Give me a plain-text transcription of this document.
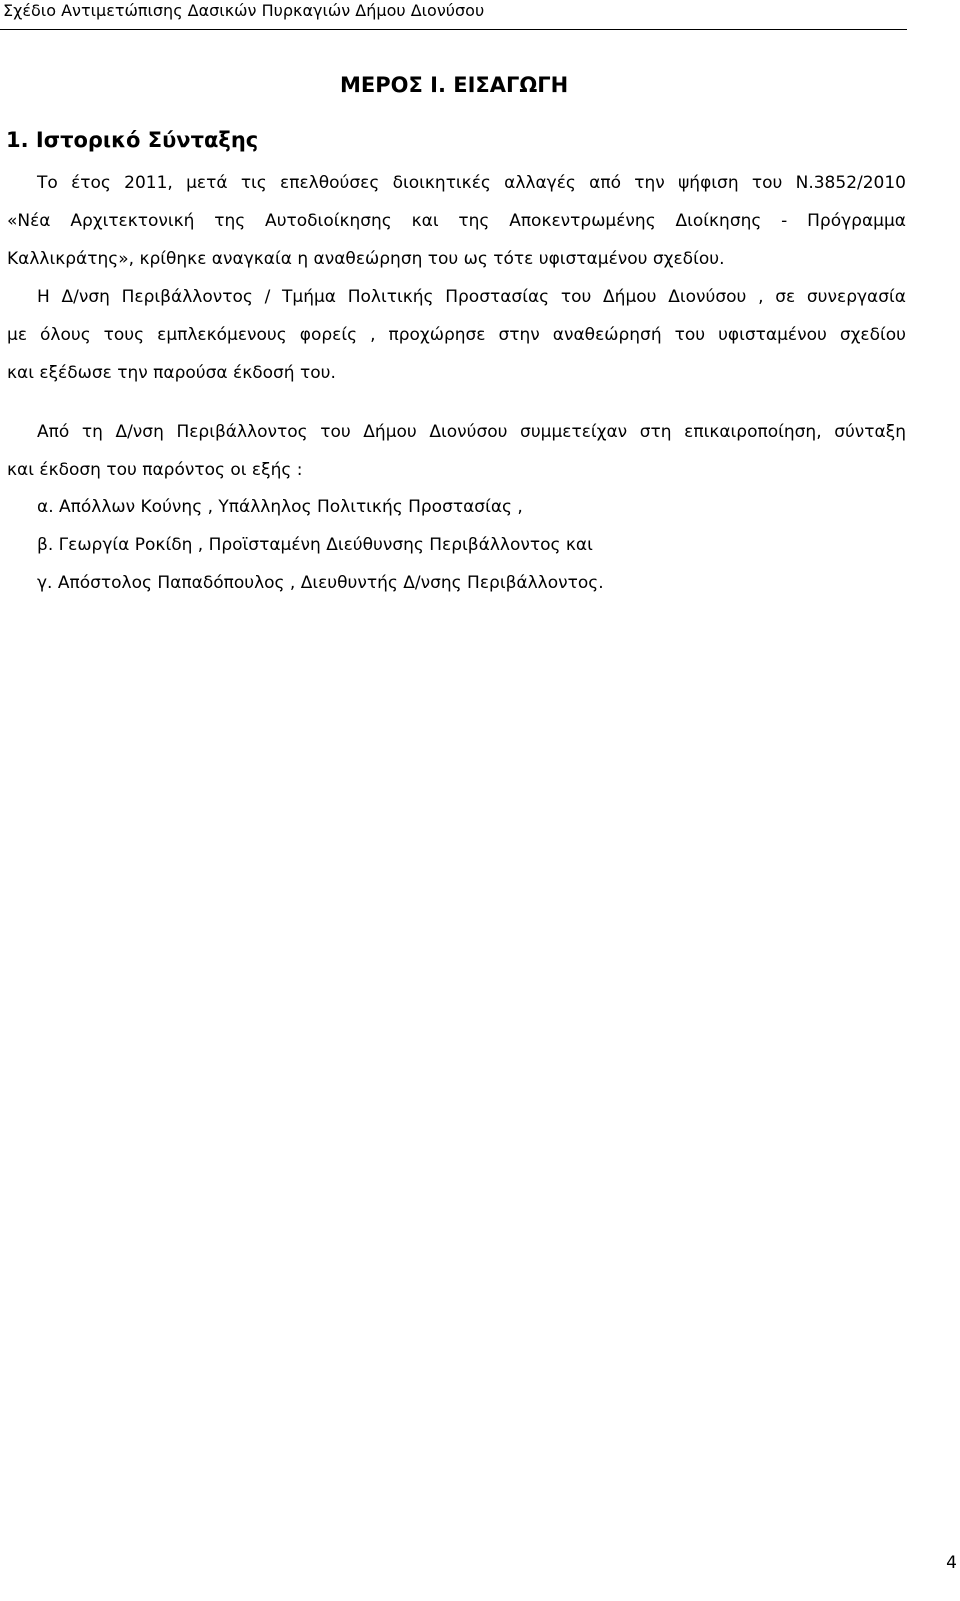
Σχέδιο Αντιμετώπισης Δασικών Πυρκαγιών Δήμου Διονύσου
ΜΕΡΟΣ Ι. ΕΙΣΑΓΩΓΗ
1. Ιστορικό Σύνταξης
Το έτος 2011, μετά τις επελθούσες διοικητικές αλλαγές από την ψήφιση του Ν.3852/2010
«Νέα Αρχιτεκτονική της Αυτοδιοίκησης και της Αποκεντρωμένης Διοίκησης - Πρόγραμμα
Καλλικράτης», κρίθηκε αναγκαία η αναθεώρηση του ως τότε υφισταμένου σχεδίου.
Η Δ/νση Περιβάλλοντος / Τμήμα Πολιτικής Προστασίας του Δήμου Διονύσου , σε συνεργασία
με όλους τους εμπλεκόμενους φορείς , προχώρησε στην αναθεώρησή του υφισταμένου σχεδίου
και εξέδωσε την παρούσα έκδοσή του.
Από τη Δ/νση Περιβάλλοντος του Δήμου Διονύσου συμμετείχαν στη επικαιροποίηση, σύνταξη
και έκδοση του παρόντος οι εξής :
α. Απόλλων Κούνης , Υπάλληλος Πολιτικής Προστασίας ,
β. Γεωργία Ροκίδη , Προϊσταμένη Διεύθυνσης Περιβάλλοντος και
γ. Απόστολος Παπαδόπουλος , Διευθυντής Δ/νσης Περιβάλλοντος.
4
